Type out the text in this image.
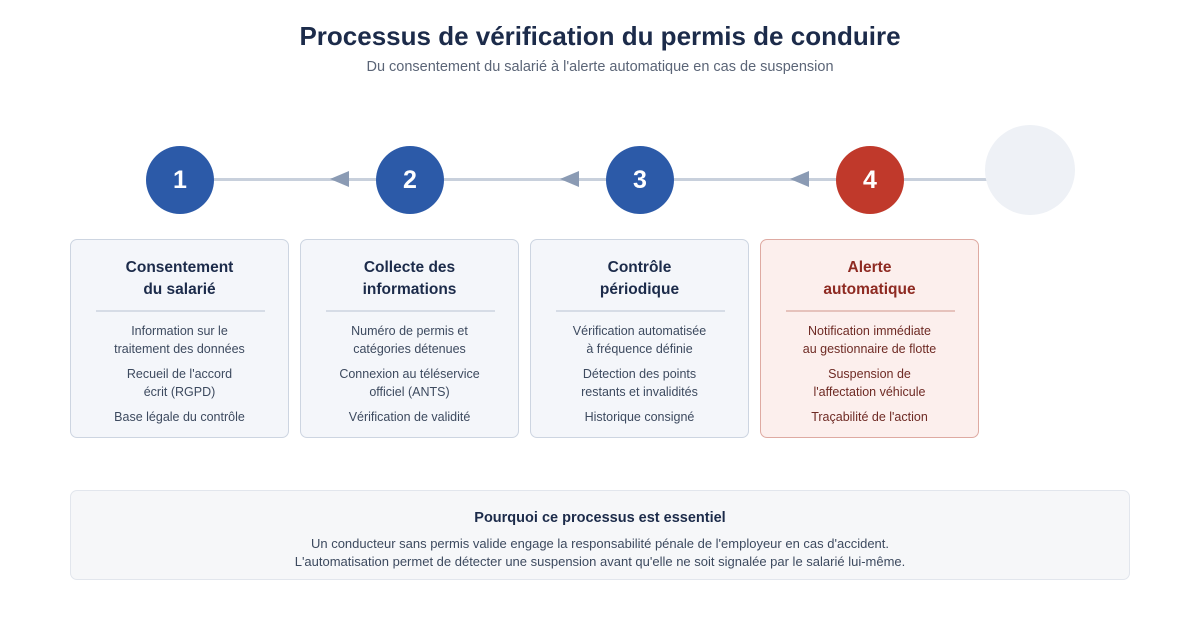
Processus de vérification du permis de conduire
Du consentement du salarié à l'alerte automatique en cas de suspension
1	2	3	4
Consentement
du salarié
Information sur le
traitement des données
Recueil de l'accord
écrit (RGPD)
Base légale du contrôle
Collecte des
informations
Numéro de permis et
catégories détenues
Connexion au téléservice
officiel (ANTS)
Vérification de validité
Contrôle
périodique
Vérification automatisée
à fréquence définie
Détection des points
restants et invalidités
Historique consigné
Alerte
automatique
Notification immédiate
au gestionnaire de flotte
Suspension de
l'affectation véhicule
Traçabilité de l'action
Pourquoi ce processus est essentiel
Un conducteur sans permis valide engage la responsabilité pénale de l'employeur en cas d'accident.
L'automatisation permet de détecter une suspension avant qu'elle ne soit signalée par le salarié lui-même.
